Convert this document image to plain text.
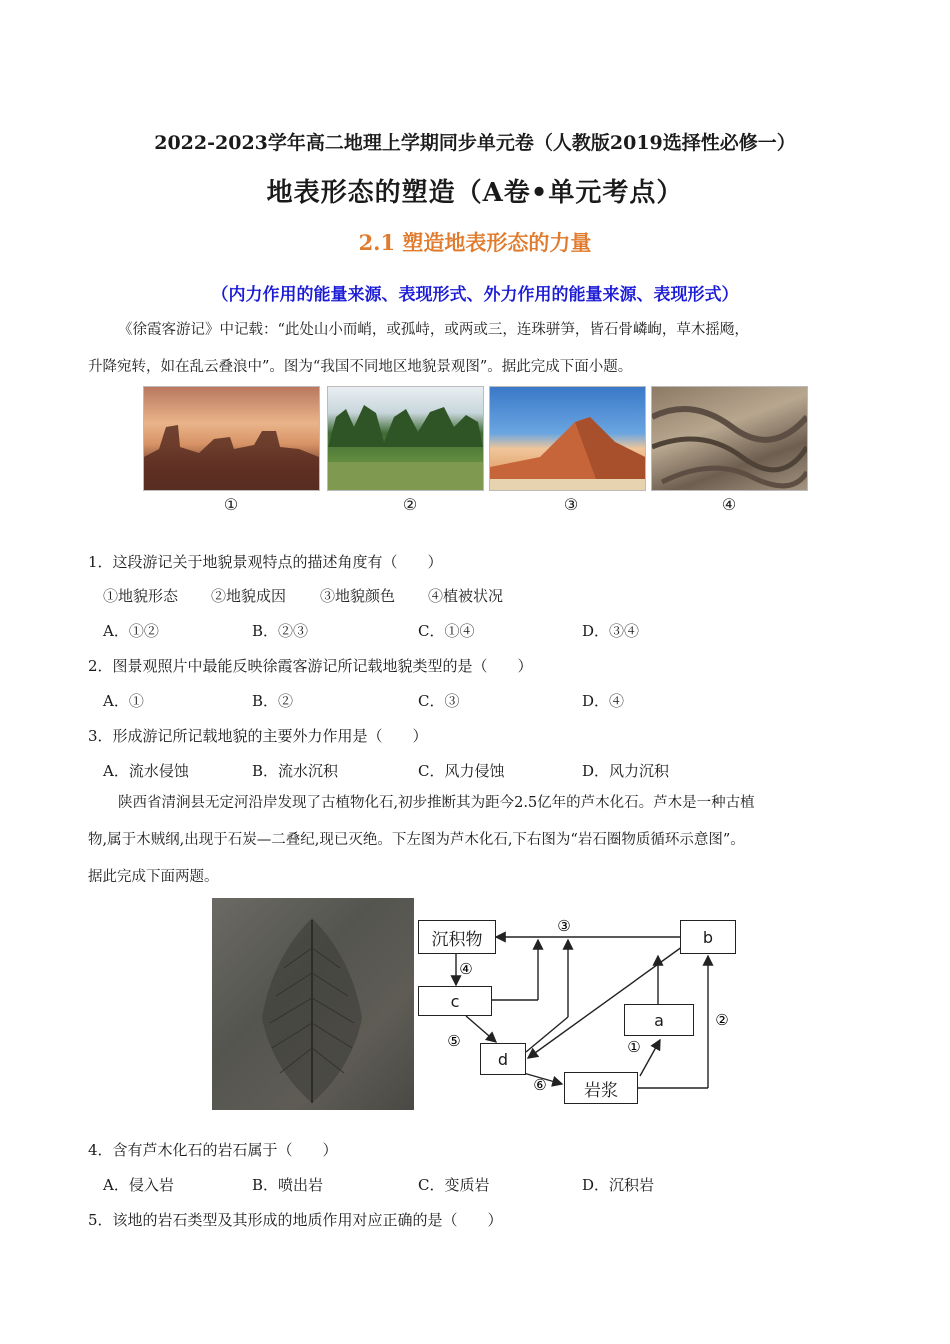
2022-2023学年高二地理上学期同步单元卷（人教版2019选择性必修一）
地表形态的塑造（A卷•单元考点）
2.1 塑造地表形态的力量
（内力作用的能量来源、表现形式、外力作用的能量来源、表现形式）
《徐霞客游记》中记载：“此处山小而峭，或孤峙，或两或三，连珠骈笋，皆石骨嶙峋，草木摇飏，
升降宛转，如在乱云叠浪中”。图为“我国不同地区地貌景观图”。据此完成下面小题。
①	②	③	④
1．这段游记关于地貌景观特点的描述角度有（　　）
①地貌形态 ②地貌成因 ③地貌颜色 ④植被状况
A．①②	B．②③	C．①④	D．③④
2．图景观照片中最能反映徐霞客游记所记载地貌类型的是（　　）
A．①	B．②	C．③	D．④
3．形成游记所记载地貌的主要外力作用是（　　）
A．流水侵蚀	B．流水沉积	C．风力侵蚀	D．风力沉积
陕西省清涧县无定河沿岸发现了古植物化石,初步推断其为距今2.5亿年的芦木化石。芦木是一种古植
物,属于木贼纲,出现于石炭—二叠纪,现已灭绝。下左图为芦木化石,下右图为“岩石圈物质循环示意图”。
据此完成下面两题。
③
④
⑤
⑥
①
②
沉积物	b
c
a
d
岩浆
4．含有芦木化石的岩石属于（　　）
A．侵入岩	B．喷出岩	C．变质岩	D．沉积岩
5．该地的岩石类型及其形成的地质作用对应正确的是（　　）
